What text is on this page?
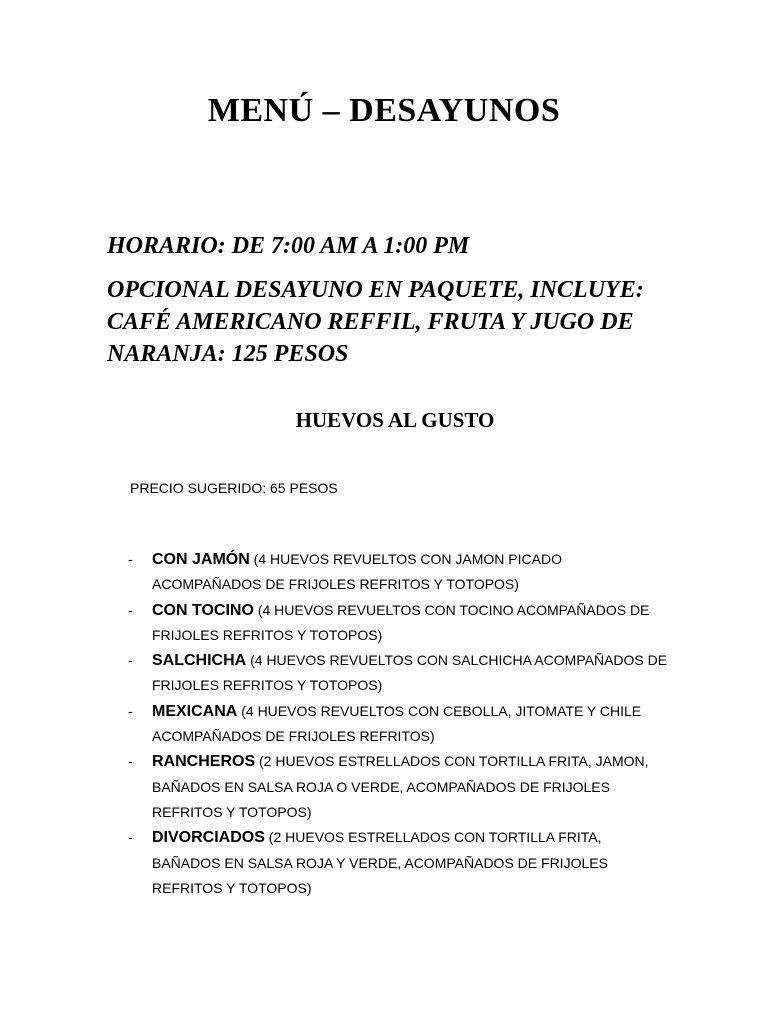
MENÚ – DESAYUNOS

HORARIO: DE 7:00 AM A 1:00 PM

OPCIONAL DESAYUNO EN PAQUETE, INCLUYE: CAFÉ AMERICANO REFFIL, FRUTA Y JUGO DE NARANJA: 125 PESOS

HUEVOS AL GUSTO

PRECIO SUGERIDO: 65 PESOS

- CON JAMÓN (4 HUEVOS REVUELTOS CON JAMON PICADO ACOMPAÑADOS DE FRIJOLES REFRITOS Y TOTOPOS)
- CON TOCINO (4 HUEVOS REVUELTOS CON TOCINO ACOMPAÑADOS DE FRIJOLES REFRITOS Y TOTOPOS)
- SALCHICHA (4 HUEVOS REVUELTOS CON SALCHICHA ACOMPAÑADOS DE FRIJOLES REFRITOS Y TOTOPOS)
- MEXICANA (4 HUEVOS REVUELTOS CON CEBOLLA, JITOMATE Y CHILE ACOMPAÑADOS DE FRIJOLES REFRITOS)
- RANCHEROS (2 HUEVOS ESTRELLADOS CON TORTILLA FRITA, JAMON, BAÑADOS EN SALSA ROJA O VERDE, ACOMPAÑADOS DE FRIJOLES REFRITOS Y TOTOPOS)
- DIVORCIADOS (2 HUEVOS ESTRELLADOS CON TORTILLA FRITA, BAÑADOS EN SALSA ROJA Y VERDE, ACOMPAÑADOS DE FRIJOLES REFRITOS Y TOTOPOS)
